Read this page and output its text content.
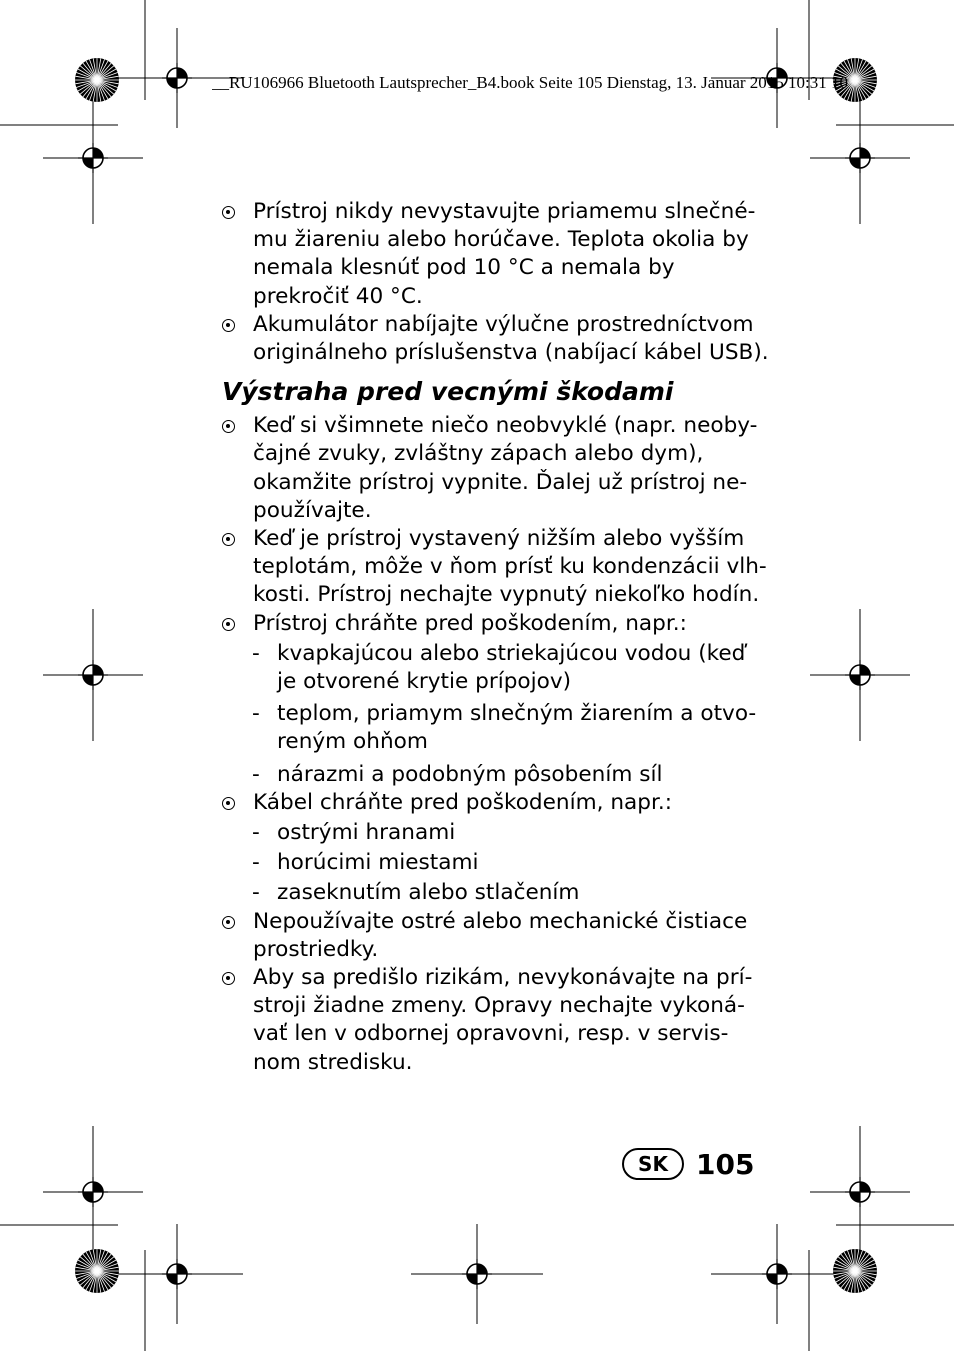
__RU106966 Bluetooth Lautsprecher_B4.book Seite 105 Dienstag, 13. Januar 2015 10:31 10
Prístroj nikdy nevystavujte priamemu slnečné-
mu žiareniu alebo horúčave. Teplota okolia by
nemala klesnúť pod 10 °C a nemala by
prekročiť 40 °C.
Akumulátor nabíjajte výlučne prostredníctvom
originálneho príslušenstva (nabíjací kábel USB).
Výstraha pred vecnými škodami
Keď si všimnete niečo neobvyklé (napr. neoby-
čajné zvuky, zvláštny zápach alebo dym),
okamžite prístroj vypnite. Ďalej už prístroj ne-
používajte.
Keď je prístroj vystavený nižším alebo vyšším
teplotám, môže v ňom prísť ku kondenzácii vlh-
kosti. Prístroj nechajte vypnutý niekoľko hodín.
Prístroj chráňte pred poškodením, napr.:
- kvapkajúcou alebo striekajúcou vodou (keď
je otvorené krytie prípojov)
- teplom, priamym slnečným žiarením a otvo-
reným ohňom
- nárazmi a podobným pôsobením síl
Kábel chráňte pred poškodením, napr.:
- ostrými hranami
- horúcimi miestami
- zaseknutím alebo stlačením
Nepoužívajte ostré alebo mechanické čistiace
prostriedky.
Aby sa predišlo rizikám, nevykonávajte na prí-
stroji žiadne zmeny. Opravy nechajte vykoná-
vať len v odbornej opravovni, resp. v servis-
nom stredisku.
SK	105
